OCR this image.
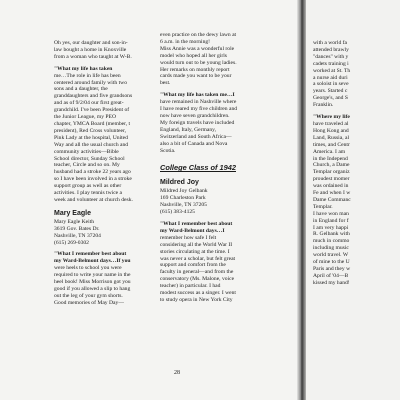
Oh yes, our daughter and son-in-
law bought a home in Knoxville
from a woman who taught at W-B.
"What my life has taken
me…The role in life has been
centered around family with two
sons and a daughter, the
granddaughters and five grandsons
and as of 9/2/04 our first great-
grandchild. I've been President of
the Junior League, my PEO
chapter, YMCA Board (member, t
president), Red Cross volunteer,
Pink Lady at the hospital, United
Way and all the usual church and
community activities—Bible
School director, Sunday School
teacher, Circle and so on. My
husband had a stroke 22 years ago
so I have been involved in a stroke
support group as well as other
activities. I play tennis twice a
week and volunteer at church desk.
Mary Eagle
Mary Eagle Keith
3619 Gov. Bates Dr.
Nashville, TN 37204
(615) 269-0302
"What I remember best about
my Ward-Belmont days…If you
were heels to school you were
required to write your name in the
heel book! Miss Morrison got you
good if you allowed a slip to hang
out the leg of your gym shorts.
Good memories of May Day—
even practice on the dewy lawn at
6 a.m. in the morning!
Miss Annie was a wonderful role
model who hoped all her girls
would turn out to be young ladies.
Her remarks on monthly report
cards made you want to be your
best.
"What my life has taken me…I
have remained in Nashville where
I have reared my five children and
now have seven grandchildren.
My foreign travels have included
England, Italy, Germany,
Switzerland and South Africa—
also a bit of Canada and Nova
Scotia.
College Class of 1942
Mildred Joy
Mildred Joy Gelbank
169 Charleston Park
Nashville, TN 37205
(615) 383-4125
"What I remember best about
my Ward-Belmont days…I
remember how safe I felt
considering all the World War II
stories circulating at the time. I
was never a scholar, but felt great
support and comfort from the
faculty in general—and from the
conservatory (Ms. Malone, voice
teacher) in particular. I had
modest success as a singer. I went
to study opera in New York City
28
with a world fa
attended brawly
"dances" with y
cadets training i
worked at St. Th
a nurse aid duri
a soloist in seve
years. Started c
George's, and S
Franklin.
"Where my life
have traveled al
Hong Kong and
Land, Russia, al
times, and Centr
America. I am
in the Independ
Church, a Dame
Templar organiz
proudest momer
was ordained in
Fe and when I w
Dame Commanc
Templar.
I have won man
in England for f
I am very happi
R. Gelbank with
much in commo
including music
world travel. W
of mine to the U
Paris and they w
April of '04—B
kissed my hand!
